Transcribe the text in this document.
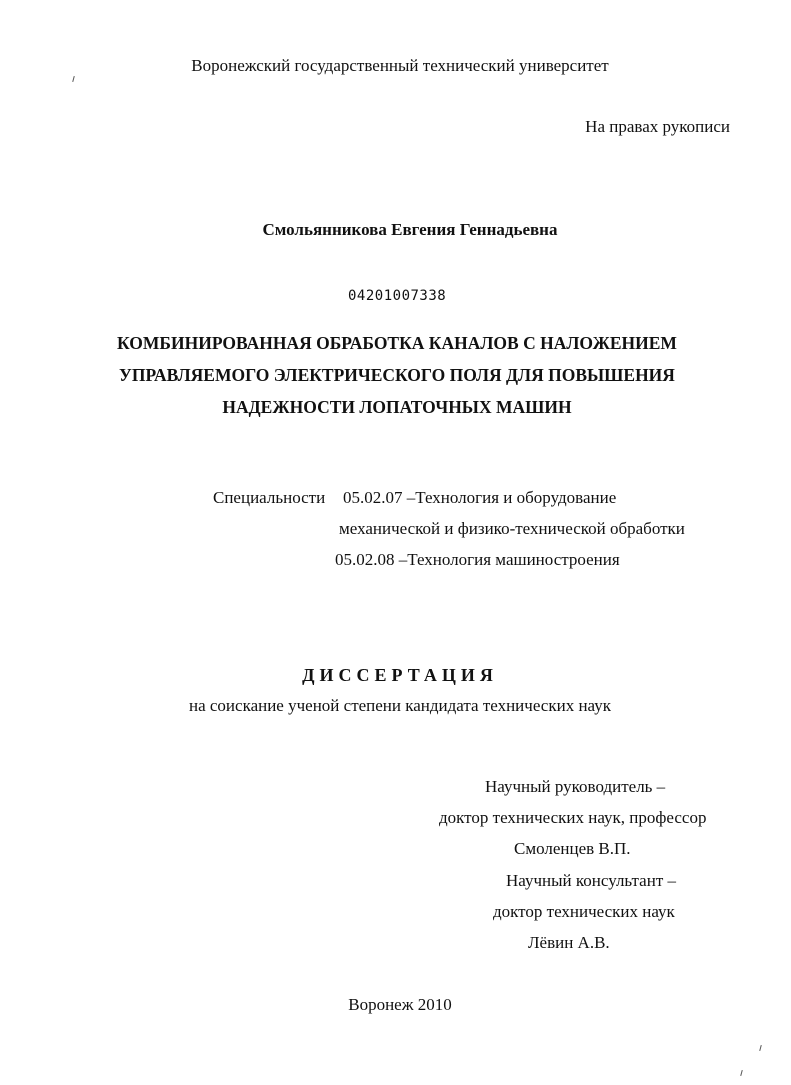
Воронежский государственный технический университет
На правах рукописи
Смольянникова Евгения Геннадьевна
04201007338
КОМБИНИРОВАННАЯ ОБРАБОТКА КАНАЛОВ С НАЛОЖЕНИЕМ
УПРАВЛЯЕМОГО ЭЛЕКТРИЧЕСКОГО ПОЛЯ ДЛЯ ПОВЫШЕНИЯ
НАДЕЖНОСТИ ЛОПАТОЧНЫХ МАШИН
Специальности 05.02.07 –Технология и оборудование
механической и физико-технической обработки
05.02.08 –Технология машиностроения
ДИССЕРТАЦИЯ
на соискание ученой степени кандидата технических наук
Научный руководитель –
доктор технических наук, профессор
Смоленцев В.П.
Научный консультант –
доктор технических наук
Лёвин А.В.
Воронеж 2010
